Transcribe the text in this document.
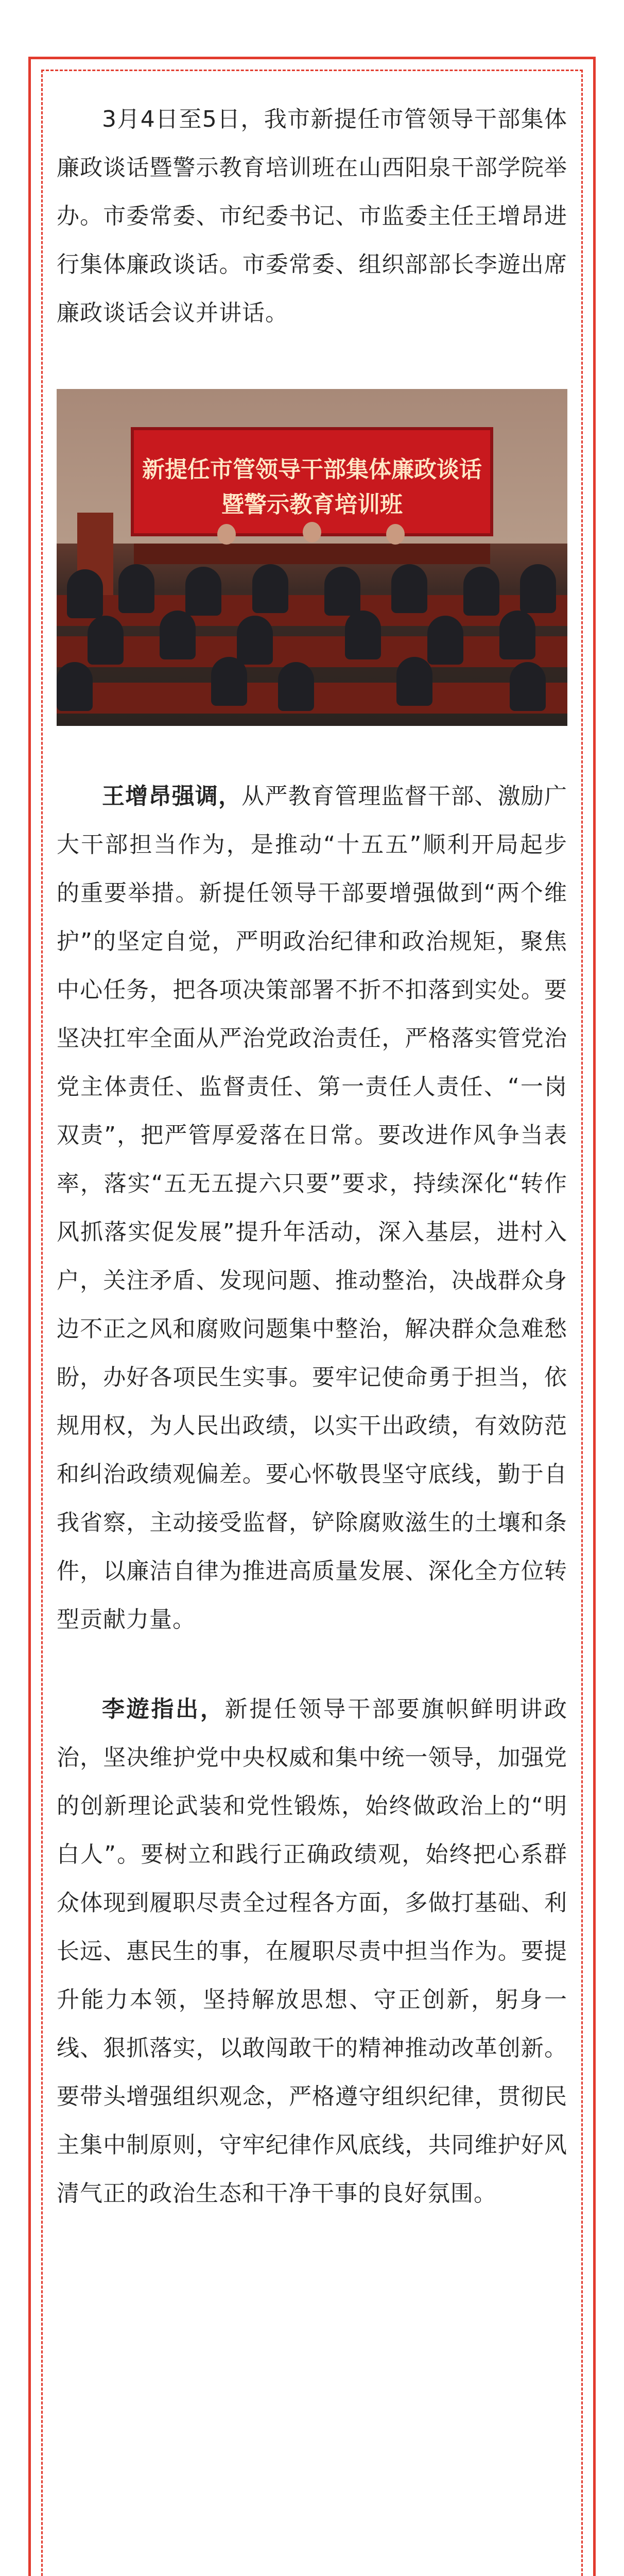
3月4日至5日，我市新提任市管领导干部集体廉政谈话暨警示教育培训班在山西阳泉干部学院举办。市委常委、市纪委书记、市监委主任王增昂进行集体廉政谈话。市委常委、组织部部长李遊出席廉政谈话会议并讲话。

新提任市管领导干部集体廉政谈话
暨警示教育培训班

王增昂强调，从严教育管理监督干部、激励广大干部担当作为，是推动“十五五”顺利开局起步的重要举措。新提任领导干部要增强做到“两个维护”的坚定自觉，严明政治纪律和政治规矩，聚焦中心任务，把各项决策部署不折不扣落到实处。要坚决扛牢全面从严治党政治责任，严格落实管党治党主体责任、监督责任、第一责任人责任、“一岗双责”，把严管厚爱落在日常。要改进作风争当表率，落实“五无五提六只要”要求，持续深化“转作风抓落实促发展”提升年活动，深入基层，进村入户，关注矛盾、发现问题、推动整治，决战群众身边不正之风和腐败问题集中整治，解决群众急难愁盼，办好各项民生实事。要牢记使命勇于担当，依规用权，为人民出政绩，以实干出政绩，有效防范和纠治政绩观偏差。要心怀敬畏坚守底线，勤于自我省察，主动接受监督，铲除腐败滋生的土壤和条件，以廉洁自律为推进高质量发展、深化全方位转型贡献力量。

李遊指出，新提任领导干部要旗帜鲜明讲政治，坚决维护党中央权威和集中统一领导，加强党的创新理论武装和党性锻炼，始终做政治上的“明白人”。要树立和践行正确政绩观，始终把心系群众体现到履职尽责全过程各方面，多做打基础、利长远、惠民生的事，在履职尽责中担当作为。要提升能力本领，坚持解放思想、守正创新，躬身一线、狠抓落实，以敢闯敢干的精神推动改革创新。要带头增强组织观念，严格遵守组织纪律，贯彻民主集中制原则，守牢纪律作风底线，共同维护好风清气正的政治生态和干净干事的良好氛围。
